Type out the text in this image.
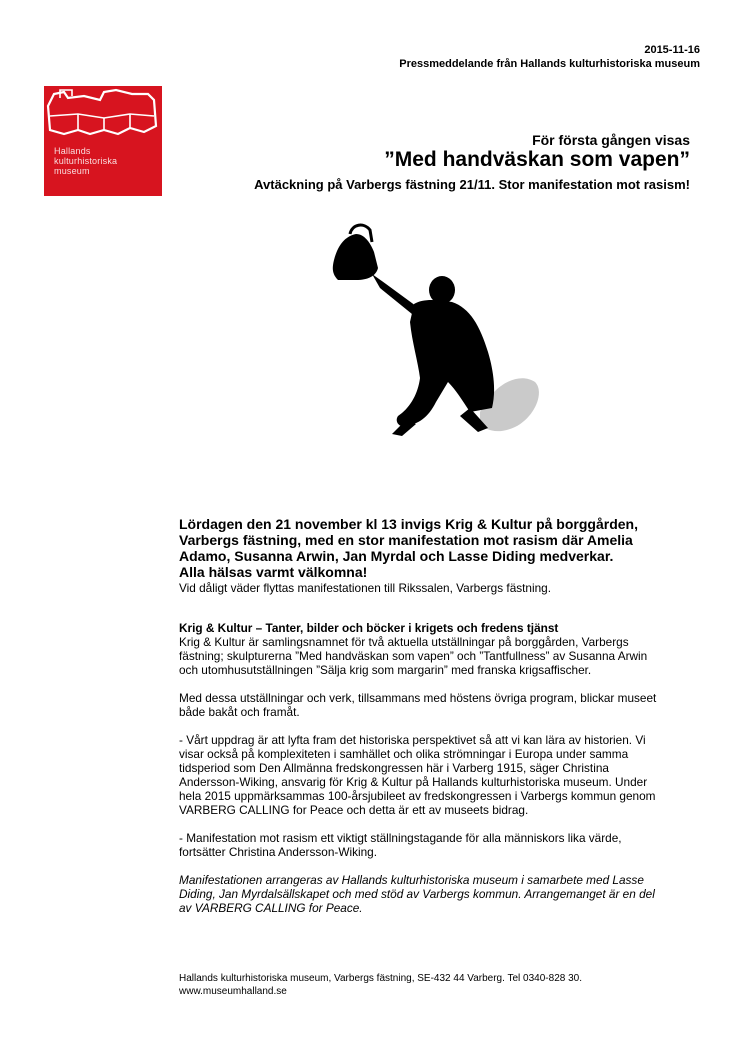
2015-11-16
Pressmeddelande från Hallands kulturhistoriska museum
Hallands
kulturhistoriska
museum
För första gången visas
”Med handväskan som vapen”
Avtäckning på Varbergs fästning 21/11. Stor manifestation mot rasism!

Lördagen den 21 november kl 13 invigs Krig & Kultur på borggården,
Varbergs fästning, med en stor manifestation mot rasism där Amelia
Adamo, Susanna Arwin, Jan Myrdal och Lasse Diding medverkar.
Alla hälsas varmt välkomna!

Vid dåligt väder flyttas manifestationen till Rikssalen, Varbergs fästning.

Krig & Kultur – Tanter, bilder och böcker i krigets och fredens tjänst

Krig & Kultur är samlingsnamnet för två aktuella utställningar på borggården, Varbergs
fästning; skulpturerna ”Med handväskan som vapen” och ”Tantfullness” av Susanna Arwin
och utomhusutställningen ”Sälja krig som margarin” med franska krigsaffischer.

Med dessa utställningar och verk, tillsammans med höstens övriga program, blickar museet
både bakåt och framåt.

- Vårt uppdrag är att lyfta fram det historiska perspektivet så att vi kan lära av historien. Vi
visar också på komplexiteten i samhället och olika strömningar i Europa under samma
tidsperiod som Den Allmänna fredskongressen här i Varberg 1915, säger Christina
Andersson-Wiking, ansvarig för Krig & Kultur på Hallands kulturhistoriska museum. Under
hela 2015 uppmärksammas 100-årsjubileet av fredskongressen i Varbergs kommun genom
VARBERG CALLING for Peace och detta är ett av museets bidrag.

- Manifestation mot rasism ett viktigt ställningstagande för alla människors lika värde,
fortsätter Christina Andersson-Wiking.

Manifestationen arrangeras av Hallands kulturhistoriska museum i samarbete med Lasse
Diding, Jan Myrdalsällskapet och med stöd av Varbergs kommun. Arrangemanget är en del
av VARBERG CALLING for Peace.

Hallands kulturhistoriska museum, Varbergs fästning, SE-432 44 Varberg. Tel 0340-828 30.
www.museumhalland.se
